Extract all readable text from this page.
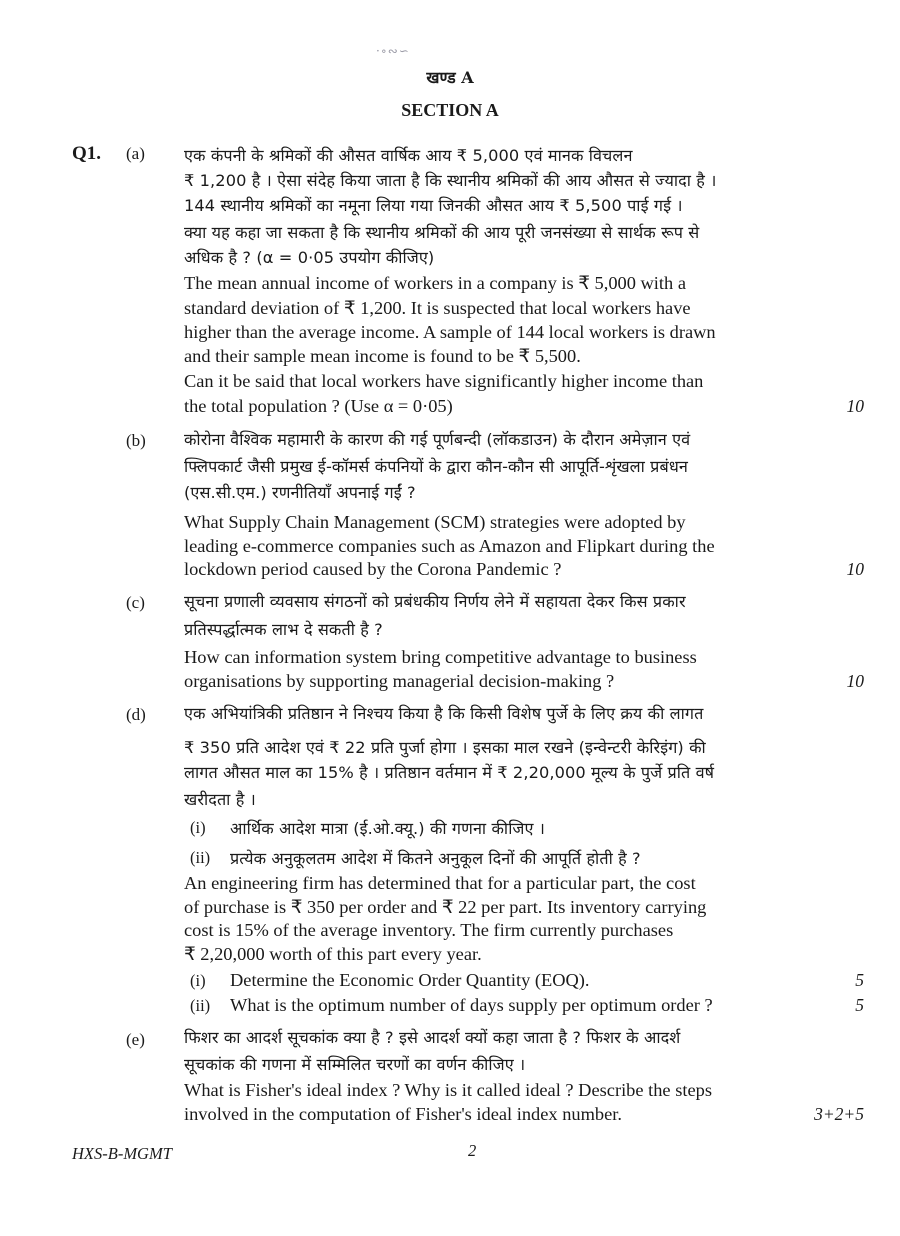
·∘∾∽
खण्ड A
SECTION A
Q1. (a) एक कंपनी के श्रमिकों की औसत वार्षिक आय ₹ 5,000 एवं मानक विचलन
₹ 1,200 है । ऐसा संदेह किया जाता है कि स्थानीय श्रमिकों की आय औसत से ज्यादा है ।
144 स्थानीय श्रमिकों का नमूना लिया गया जिनकी औसत आय ₹ 5,500 पाई गई ।
क्या यह कहा जा सकता है कि स्थानीय श्रमिकों की आय पूरी जनसंख्या से सार्थक रूप से
अधिक है ? (α = 0·05 उपयोग कीजिए)
The mean annual income of workers in a company is ₹ 5,000 with a
standard deviation of ₹ 1,200. It is suspected that local workers have
higher than the average income. A sample of 144 local workers is drawn
and their sample mean income is found to be ₹ 5,500.
Can it be said that local workers have significantly higher income than
the total population ? (Use α = 0·05)	10
(b) कोरोना वैश्विक महामारी के कारण की गई पूर्णबन्दी (लॉकडाउन) के दौरान अमेज़ान एवं
फ्लिपकार्ट जैसी प्रमुख ई-कॉमर्स कंपनियों के द्वारा कौन-कौन सी आपूर्ति-शृंखला प्रबंधन
(एस.सी.एम.) रणनीतियाँ अपनाई गईं ?
What Supply Chain Management (SCM) strategies were adopted by
leading e-commerce companies such as Amazon and Flipkart during the
lockdown period caused by the Corona Pandemic ?	10
(c) सूचना प्रणाली व्यवसाय संगठनों को प्रबंधकीय निर्णय लेने में सहायता देकर किस प्रकार
प्रतिस्पर्द्धात्मक लाभ दे सकती है ?
How can information system bring competitive advantage to business
organisations by supporting managerial decision-making ?	10
(d) एक अभियांत्रिकी प्रतिष्ठान ने निश्चय किया है कि किसी विशेष पुर्जे के लिए क्रय की लागत
₹ 350 प्रति आदेश एवं ₹ 22 प्रति पुर्जा होगा । इसका माल रखने (इन्वेन्टरी केरिइंग) की
लागत औसत माल का 15% है । प्रतिष्ठान वर्तमान में ₹ 2,20,000 मूल्य के पुर्जे प्रति वर्ष
खरीदता है ।
(i) आर्थिक आदेश मात्रा (ई.ओ.क्यू.) की गणना कीजिए ।
(ii) प्रत्येक अनुकूलतम आदेश में कितने अनुकूल दिनों की आपूर्ति होती है ?
An engineering firm has determined that for a particular part, the cost
of purchase is ₹ 350 per order and ₹ 22 per part. Its inventory carrying
cost is 15% of the average inventory. The firm currently purchases
₹ 2,20,000 worth of this part every year.
(i) Determine the Economic Order Quantity (EOQ).	5
(ii) What is the optimum number of days supply per optimum order ?	5
(e) फिशर का आदर्श सूचकांक क्या है ? इसे आदर्श क्यों कहा जाता है ? फिशर के आदर्श
सूचकांक की गणना में सम्मिलित चरणों का वर्णन कीजिए ।
What is Fisher's ideal index ? Why is it called ideal ? Describe the steps
involved in the computation of Fisher's ideal index number.	3+2+5
HXS-B-MGMT	2
